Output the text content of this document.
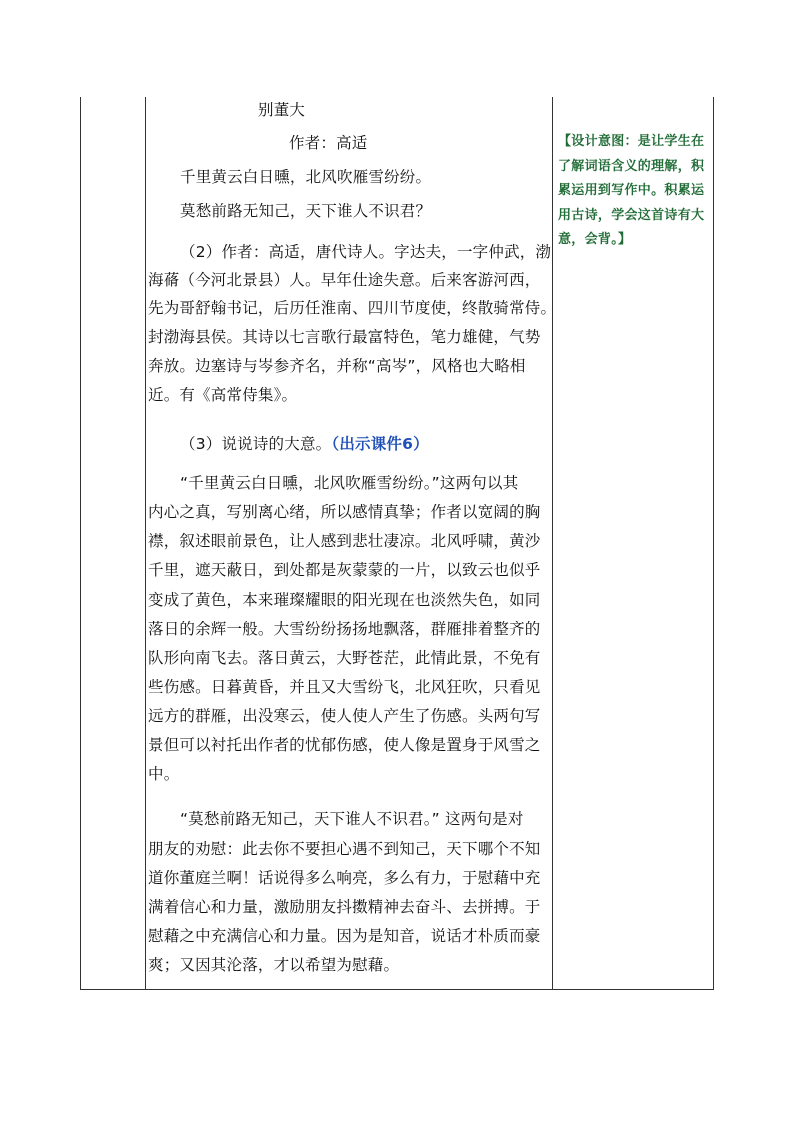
别董大
作者：高适
千里黄云白日曛，北风吹雁雪纷纷。
莫愁前路无知己，天下谁人不识君？
（2）作者：高适，唐代诗人。字达夫，一字仲武，渤
海蓨（今河北景县）人。早年仕途失意。后来客游河西，
先为哥舒翰书记，后历任淮南、四川节度使，终散骑常侍。
封渤海县侯。其诗以七言歌行最富特色，笔力雄健，气势
奔放。边塞诗与岑参齐名，并称“高岑”，风格也大略相
近。有《高常侍集》。
（3）说说诗的大意。（出示课件6）
“千里黄云白日曛，北风吹雁雪纷纷。”这两句以其
内心之真，写别离心绪，所以感情真挚；作者以宽阔的胸
襟，叙述眼前景色，让人感到悲壮凄凉。北风呼啸，黄沙
千里，遮天蔽日，到处都是灰蒙蒙的一片，以致云也似乎
变成了黄色，本来璀璨耀眼的阳光现在也淡然失色，如同
落日的余辉一般。大雪纷纷扬扬地飘落，群雁排着整齐的
队形向南飞去。落日黄云，大野苍茫，此情此景，不免有
些伤感。日暮黄昏，并且又大雪纷飞，北风狂吹，只看见
远方的群雁，出没寒云，使人使人产生了伤感。头两句写
景但可以衬托出作者的忧郁伤感，使人像是置身于风雪之
中。
“莫愁前路无知己，天下谁人不识君。” 这两句是对
朋友的劝慰：此去你不要担心遇不到知己，天下哪个不知
道你董庭兰啊！话说得多么响亮，多么有力，于慰藉中充
满着信心和力量，激励朋友抖擞精神去奋斗、去拼搏。于
慰藉之中充满信心和力量。因为是知音，说话才朴质而豪
爽；又因其沦落，才以希望为慰藉。
【设计意图：是让学生在
了解词语含义的理解，积
累运用到写作中。积累运
用古诗，学会这首诗有大
意，会背。】
